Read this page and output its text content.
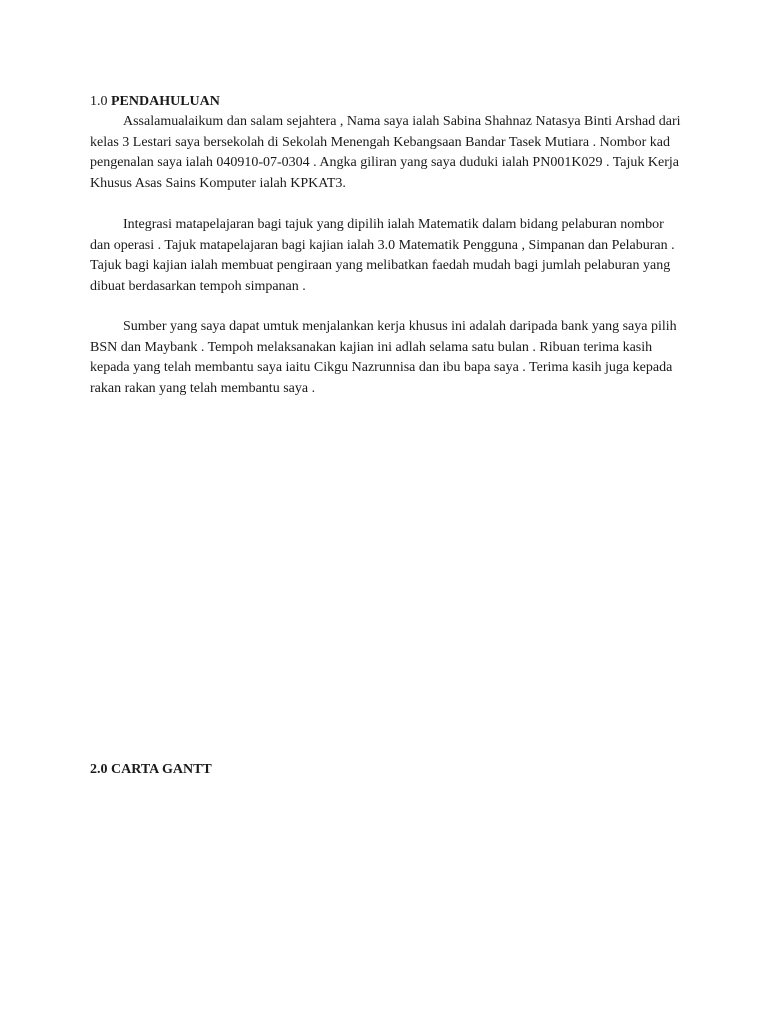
1.0 PENDAHULUAN

Assalamualaikum dan salam sejahtera , Nama saya ialah Sabina Shahnaz Natasya Binti Arshad dari kelas 3 Lestari saya bersekolah di Sekolah Menengah Kebangsaan Bandar Tasek Mutiara . Nombor kad pengenalan saya ialah 040910-07-0304 . Angka giliran yang saya duduki ialah PN001K029 . Tajuk Kerja Khusus Asas Sains Komputer ialah KPKAT3.

Integrasi matapelajaran bagi tajuk yang dipilih ialah Matematik dalam bidang pelaburan nombor dan operasi . Tajuk matapelajaran bagi kajian ialah 3.0 Matematik Pengguna , Simpanan dan Pelaburan . Tajuk bagi kajian ialah membuat pengiraan yang melibatkan faedah mudah bagi jumlah pelaburan yang dibuat berdasarkan tempoh simpanan .

Sumber yang saya dapat umtuk menjalankan kerja khusus ini adalah daripada bank yang saya pilih BSN dan Maybank . Tempoh melaksanakan kajian ini adlah selama satu bulan . Ribuan terima kasih kepada yang telah membantu saya iaitu Cikgu Nazrunnisa dan ibu bapa saya . Terima kasih juga kepada rakan rakan yang telah membantu saya .

2.0 CARTA GANTT
